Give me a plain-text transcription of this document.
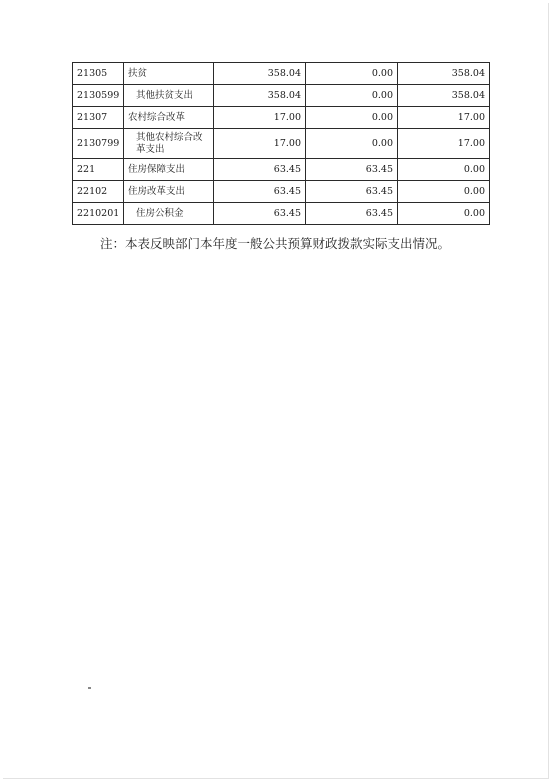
21305	扶贫	358.04	0.00	358.04
2130599	其他扶贫支出	358.04	0.00	358.04
21307	农村综合改革	17.00	0.00	17.00
2130799	其他农村综合改革支出	17.00	0.00	17.00
221	住房保障支出	63.45	63.45	0.00
22102	住房改革支出	63.45	63.45	0.00
2210201	住房公积金	63.45	63.45	0.00
注：本表反映部门本年度一般公共预算财政拨款实际支出情况。
